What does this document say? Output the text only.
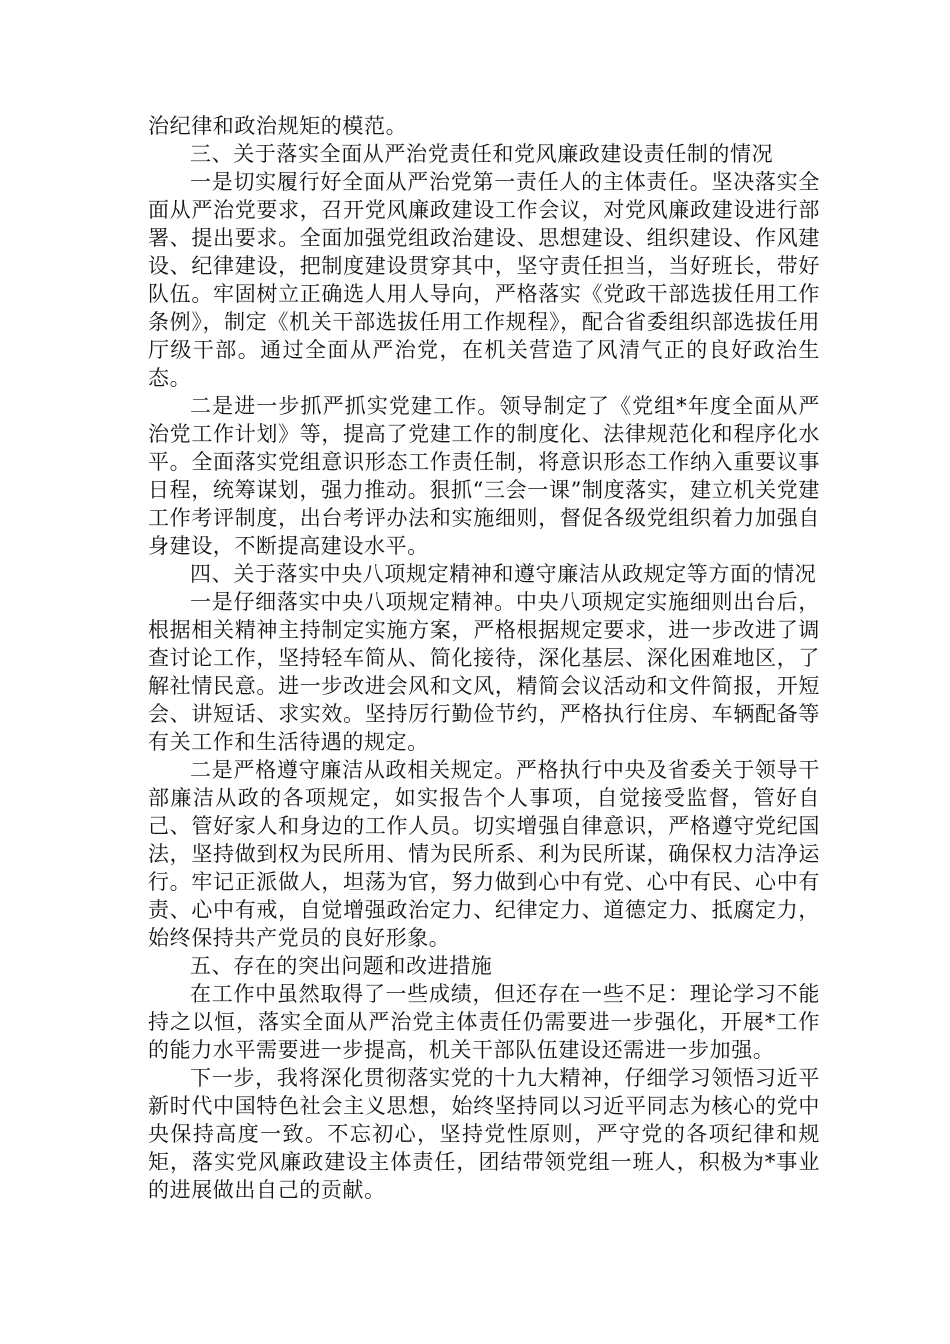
治纪律和政治规矩的模范。

三、关于落实全面从严治党责任和党风廉政建设责任制的情况

一是切实履行好全面从严治党第一责任人的主体责任。坚决落实全面从严治党要求，召开党风廉政建设工作会议，对党风廉政建设进行部署、提出要求。全面加强党组政治建设、思想建设、组织建设、作风建设、纪律建设，把制度建设贯穿其中，坚守责任担当，当好班长，带好队伍。牢固树立正确选人用人导向，严格落实《党政干部选拔任用工作条例》，制定《机关干部选拔任用工作规程》，配合省委组织部选拔任用厅级干部。通过全面从严治党，在机关营造了风清气正的良好政治生态。

二是进一步抓严抓实党建工作。领导制定了《党组*年度全面从严治党工作计划》等，提高了党建工作的制度化、法律规范化和程序化水平。全面落实党组意识形态工作责任制，将意识形态工作纳入重要议事日程，统筹谋划，强力推动。狠抓“三会一课”制度落实，建立机关党建工作考评制度，出台考评办法和实施细则，督促各级党组织着力加强自身建设，不断提高建设水平。

四、关于落实中央八项规定精神和遵守廉洁从政规定等方面的情况

一是仔细落实中央八项规定精神。中央八项规定实施细则出台后，根据相关精神主持制定实施方案，严格根据规定要求，进一步改进了调查讨论工作，坚持轻车简从、简化接待，深化基层、深化困难地区，了解社情民意。进一步改进会风和文风，精简会议活动和文件简报，开短会、讲短话、求实效。坚持厉行勤俭节约，严格执行住房、车辆配备等有关工作和生活待遇的规定。

二是严格遵守廉洁从政相关规定。严格执行中央及省委关于领导干部廉洁从政的各项规定，如实报告个人事项，自觉接受监督，管好自己、管好家人和身边的工作人员。切实增强自律意识，严格遵守党纪国法，坚持做到权为民所用、情为民所系、利为民所谋，确保权力洁净运行。牢记正派做人，坦荡为官，努力做到心中有党、心中有民、心中有责、心中有戒，自觉增强政治定力、纪律定力、道德定力、抵腐定力，始终保持共产党员的良好形象。

五、存在的突出问题和改进措施

在工作中虽然取得了一些成绩，但还存在一些不足：理论学习不能持之以恒，落实全面从严治党主体责任仍需要进一步强化，开展*工作的能力水平需要进一步提高，机关干部队伍建设还需进一步加强。

下一步，我将深化贯彻落实党的十九大精神，仔细学习领悟习近平新时代中国特色社会主义思想，始终坚持同以习近平同志为核心的党中央保持高度一致。不忘初心，坚持党性原则，严守党的各项纪律和规矩，落实党风廉政建设主体责任，团结带领党组一班人，积极为*事业的进展做出自己的贡献。
